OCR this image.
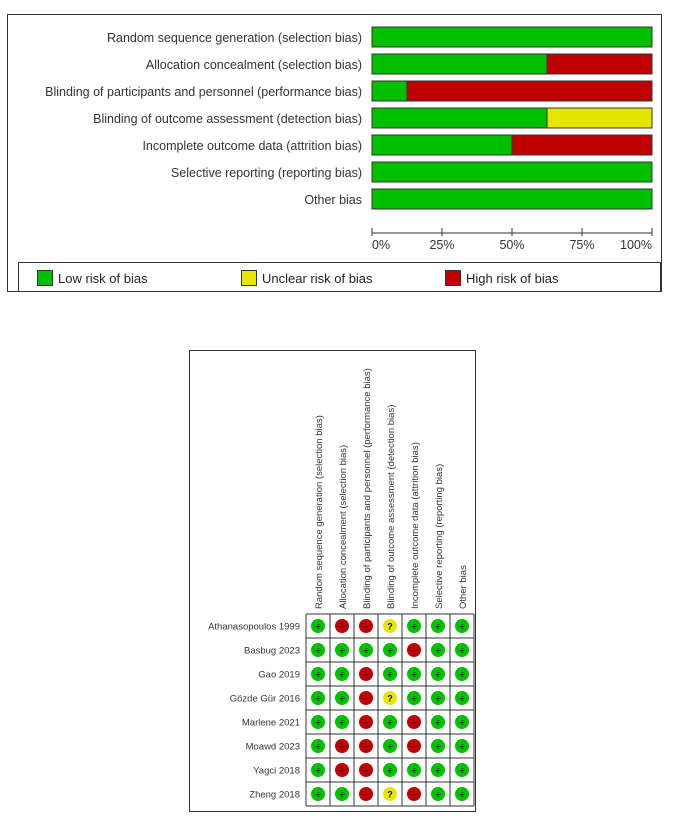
Random sequence generation (selection bias)
Allocation concealment (selection bias)
Blinding of participants and personnel (performance bias)
Blinding of outcome assessment (detection bias)
Incomplete outcome data (attrition bias)
Selective reporting (reporting bias)
Other bias
0%	25%	50%	75% 100%
Low risk of bias	Unclear risk of bias	High risk of bias
Random sequence generation (selection bias) Allocation concealment (selection bias) Blinding of participants and personnel (performance bias) Blinding of outcome assessment (detection bias) Incomplete outcome data (attrition bias) Selective reporting (reporting bias) Other bias
Athanasopoulos 1999 + − − ? + + +
Basbug 2023 + + + + − + +
Gao 2019 + + − + + + +
Gözde Gür 2016 + + − ? + + +
Marlene 2021 + + − + − + +
Moawd 2023 + − − + − + +
Yagci 2018 + − − + + + +
Zheng 2018 + + − ? − + +
